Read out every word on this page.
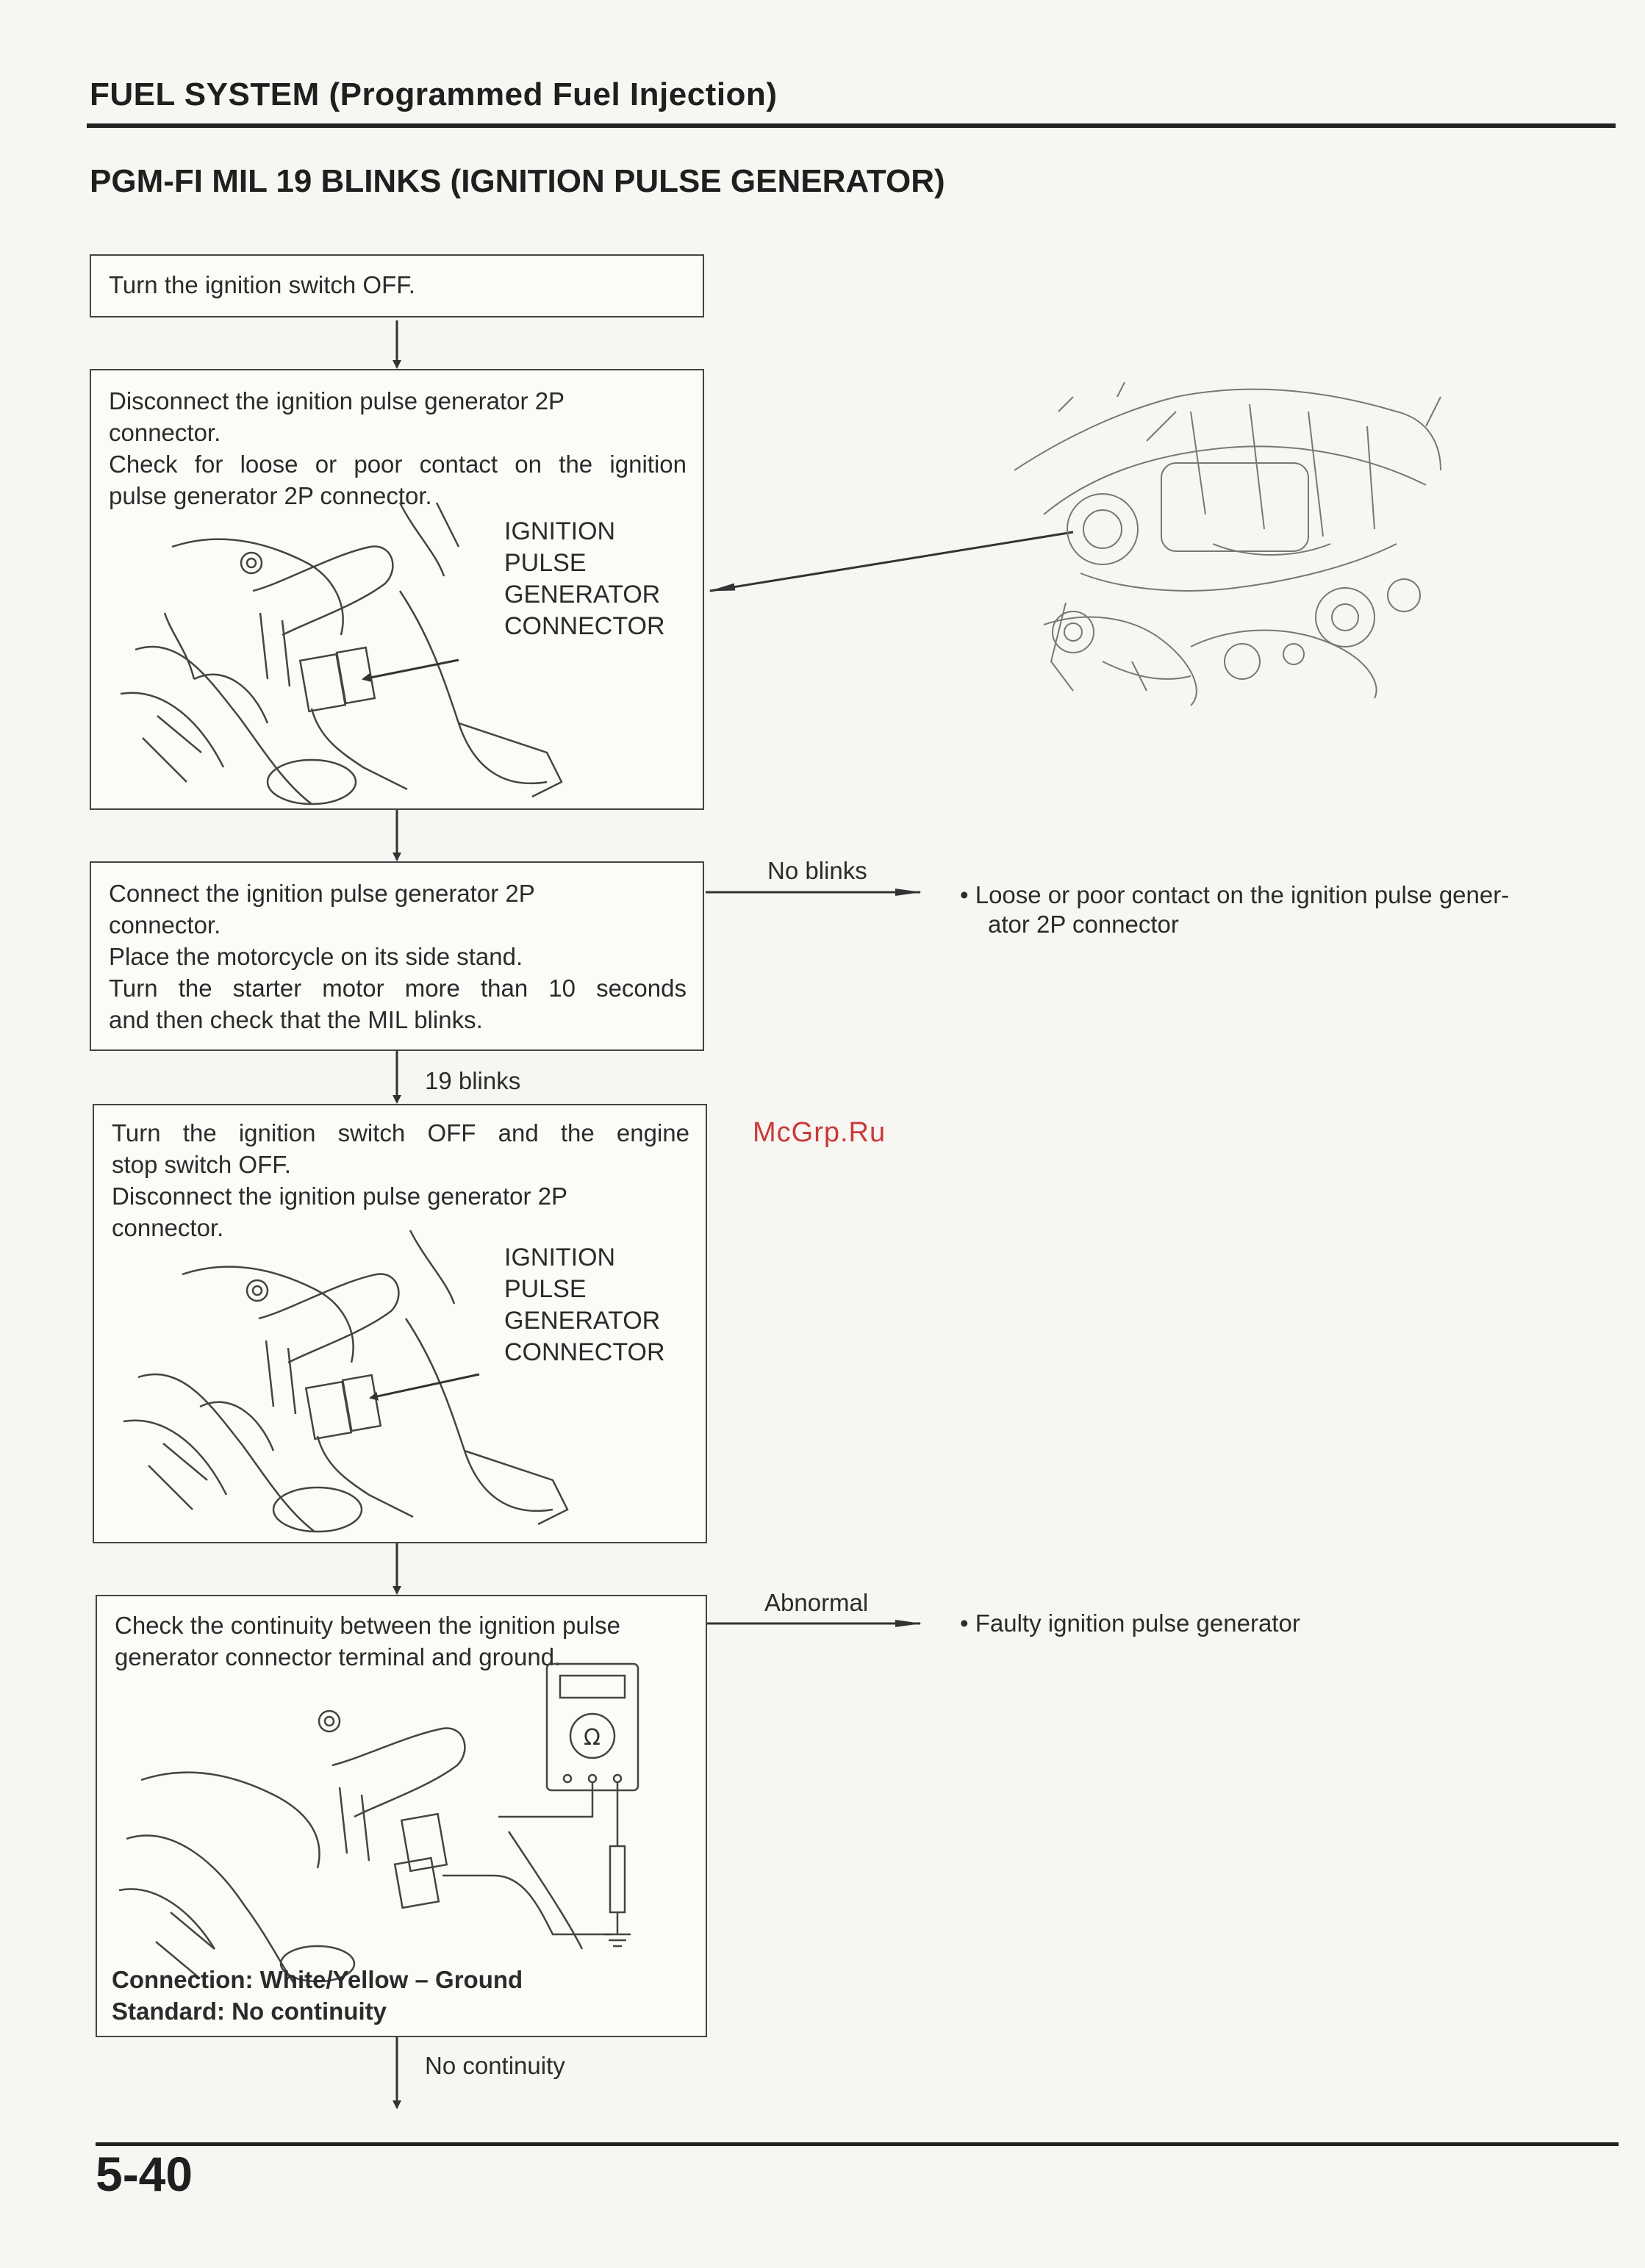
FUEL SYSTEM (Programmed Fuel Injection)
PGM-FI MIL 19 BLINKS (IGNITION PULSE GENERATOR)
Turn the ignition switch OFF.
Disconnect the ignition pulse generator 2P
connector.
Check for loose or poor contact on the ignition
pulse generator 2P connector.
IGNITION
PULSE
GENERATOR
CONNECTOR
Connect the ignition pulse generator 2P
connector.
Place the motorcycle on its side stand.
Turn the starter motor more than 10 seconds
and then check that the MIL blinks.
No blinks
• Loose or poor contact on the ignition pulse gener-
ator 2P connector
19 blinks
Turn the ignition switch OFF and the engine
stop switch OFF.
Disconnect the ignition pulse generator 2P
connector.
IGNITION
PULSE
GENERATOR
CONNECTOR
McGrp.Ru
Check the continuity between the ignition pulse
generator connector terminal and ground.
Ω
Connection: White/Yellow – Ground
Standard: No continuity
Abnormal
• Faulty ignition pulse generator
No continuity
5-40
